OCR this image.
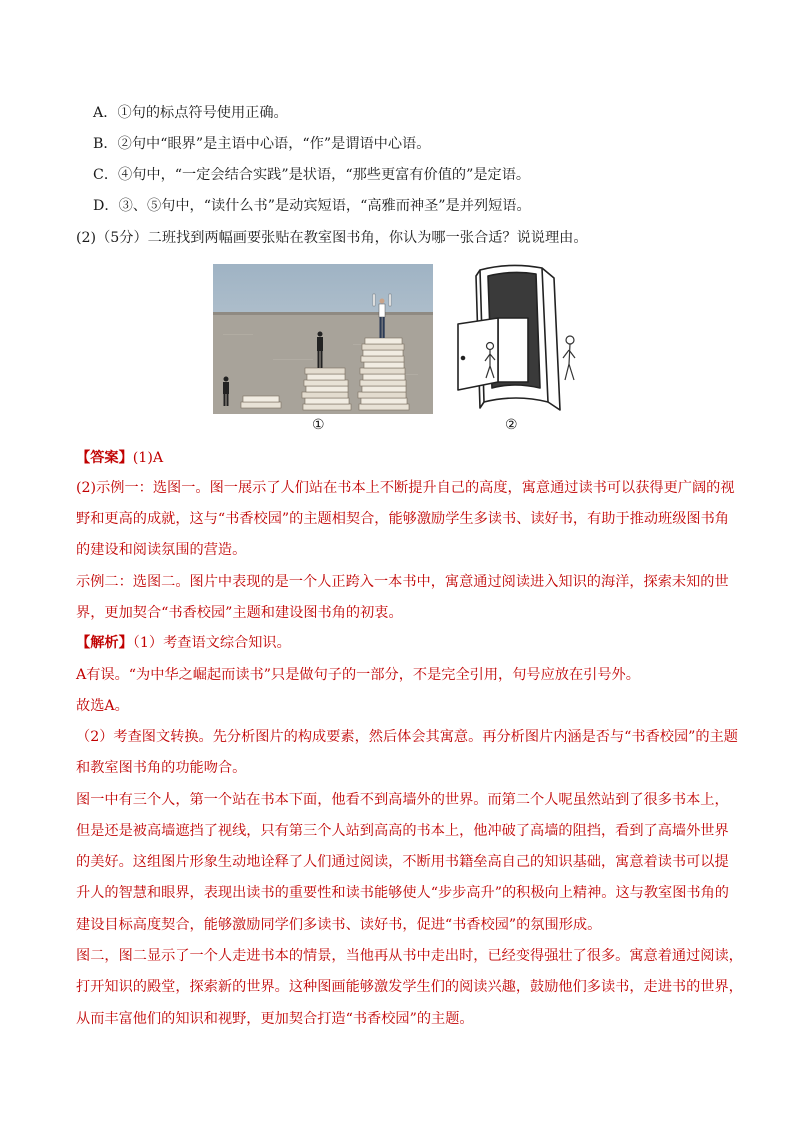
A．①句的标点符号使用正确。
B．②句中“眼界”是主语中心语，“作”是谓语中心语。
C．④句中，“一定会结合实践”是状语，“那些更富有价值的”是定语。
D．③、⑤句中，“读什么书”是动宾短语，“高雅而神圣”是并列短语。
(2)（5分）二班找到两幅画要张贴在教室图书角，你认为哪一张合适？说说理由。
①	②
【答案】(1)A
(2)示例一：选图一。图一展示了人们站在书本上不断提升自己的高度，寓意通过读书可以获得更广阔的视
野和更高的成就，这与“书香校园”的主题相契合，能够激励学生多读书、读好书，有助于推动班级图书角
的建设和阅读氛围的营造。
示例二：选图二。图片中表现的是一个人正跨入一本书中，寓意通过阅读进入知识的海洋，探索未知的世
界，更加契合“书香校园”主题和建设图书角的初衷。
【解析】（1）考查语文综合知识。
A有误。“为中华之崛起而读书”只是做句子的一部分，不是完全引用，句号应放在引号外。
故选A。
（2）考查图文转换。先分析图片的构成要素，然后体会其寓意。再分析图片内涵是否与“书香校园”的主题
和教室图书角的功能吻合。
图一中有三个人，第一个站在书本下面，他看不到高墙外的世界。而第二个人呢虽然站到了很多书本上，
但是还是被高墙遮挡了视线，只有第三个人站到高高的书本上，他冲破了高墙的阻挡，看到了高墙外世界
的美好。这组图片形象生动地诠释了人们通过阅读，不断用书籍垒高自己的知识基础，寓意着读书可以提
升人的智慧和眼界，表现出读书的重要性和读书能够使人“步步高升”的积极向上精神。这与教室图书角的
建设目标高度契合，能够激励同学们多读书、读好书，促进“书香校园”的氛围形成。
图二，图二显示了一个人走进书本的情景，当他再从书中走出时，已经变得强壮了很多。寓意着通过阅读，
打开知识的殿堂，探索新的世界。这种图画能够激发学生们的阅读兴趣，鼓励他们多读书，走进书的世界，
从而丰富他们的知识和视野，更加契合打造“书香校园”的主题。
